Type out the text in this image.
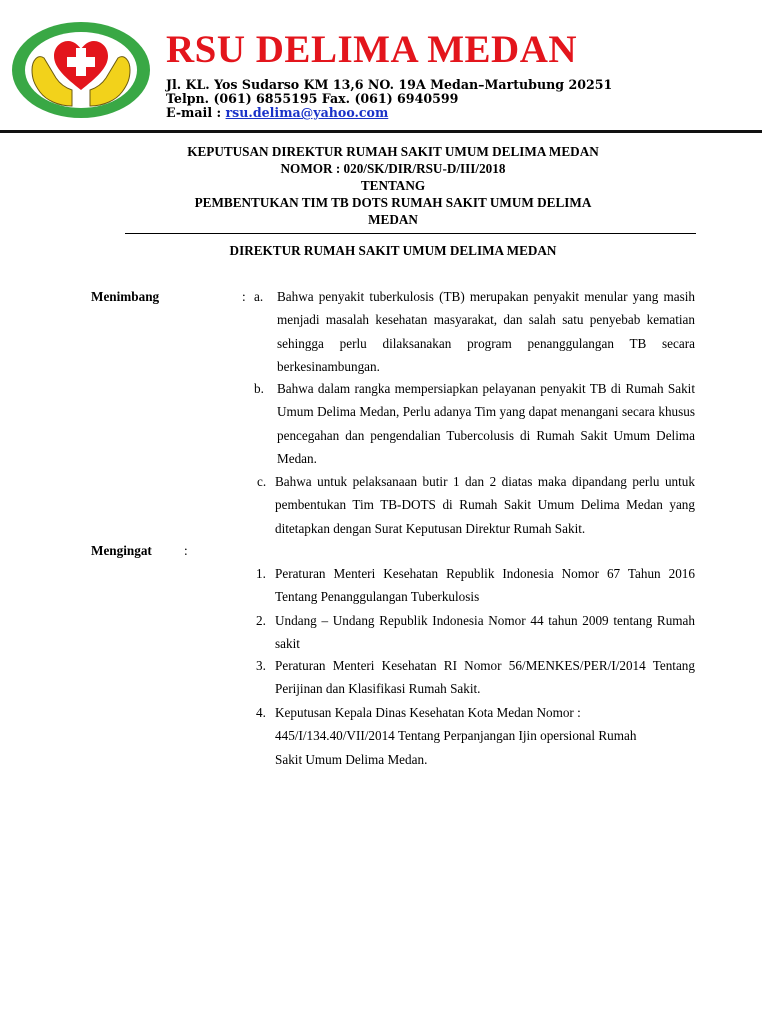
RSU DELIMA MEDAN
Jl. KL. Yos Sudarso KM 13,6 NO. 19A Medan–Martubung 20251
Telpn. (061) 6855195 Fax. (061) 6940599
E-mail : rsu.delima@yahoo.com
KEPUTUSAN DIREKTUR RUMAH SAKIT UMUM DELIMA MEDAN
NOMOR : 020/SK/DIR/RSU-D/III/2018
TENTANG
PEMBENTUKAN TIM TB DOTS RUMAH SAKIT UMUM DELIMA
MEDAN
DIREKTUR RUMAH SAKIT UMUM DELIMA MEDAN
Menimbang	: a. Bahwa penyakit tuberkulosis (TB) merupakan penyakit menular yang masih menjadi masalah kesehatan masyarakat, dan salah satu penyebab kematian sehingga perlu dilaksanakan program penanggulangan TB secara berkesinambungan.

b. Bahwa dalam rangka mempersiapkan pelayanan penyakit TB di Rumah Sakit Umum Delima Medan, Perlu adanya Tim yang dapat menangani secara khusus pencegahan dan pengendalian Tubercolusis di Rumah Sakit Umum Delima Medan.

c. Bahwa untuk pelaksanaan butir 1 dan 2 diatas maka dipandang perlu untuk pembentukan Tim TB-DOTS di Rumah Sakit Umum Delima Medan yang ditetapkan dengan Surat Keputusan Direktur Rumah Sakit.

Mengingat :
1. Peraturan Menteri Kesehatan Republik Indonesia Nomor 67 Tahun 2016 Tentang Penanggulangan Tuberkulosis

2. Undang – Undang Republik Indonesia Nomor 44 tahun 2009 tentang Rumah sakit

3. Peraturan Menteri Kesehatan RI Nomor 56/MENKES/PER/I/2014 Tentang Perijinan dan Klasifikasi Rumah Sakit.

4. Keputusan Kepala Dinas Kesehatan Kota Medan Nomor :
445/I/134.40/VII/2014 Tentang Perpanjangan Ijin opersional Rumah
Sakit Umum Delima Medan.
